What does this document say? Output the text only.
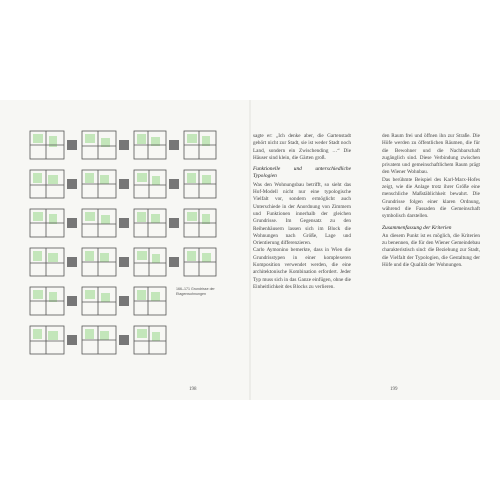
sagte er: „Ich denke aber, die Gartenstadt gehört nicht zur Stadt, sie ist weder Stadt noch Land, sondern ein Zwischending …“ Die Häuser sind klein, die Gärten groß.

Funktionelle und unterschiedliche Typologien

Was den Wohnungsbau betrifft, so sieht das Hof-Modell nicht nur eine typologische Vielfalt vor, sondern ermöglicht auch Unterschiede in der Anordnung von Zimmern und Funktionen innerhalb der gleichen Grundrisse. Im Gegensatz zu den Reihenhäusern lassen sich im Block die Wohnungen nach Größe, Lage und Orientierung differenzieren.

Carlo Aymonino bemerkte, dass in Wien die Grundrisstypen in einer komplexeren Komposition verwendet werden, die eine architektonische Kombination erfordert. Jeder Typ muss sich in das Ganze einfügen, ohne die Einheitlichkeit des Blocks zu verlieren.

den Raum frei und öffnen ihn zur Straße. Die Höfe werden zu öffentlichen Räumen, die für die Bewohner und die Nachbarschaft zugänglich sind. Diese Verbindung zwischen privatem und gemeinschaftlichem Raum prägt den Wiener Wohnbau.

Das berühmte Beispiel des Karl-Marx-Hofes zeigt, wie die Anlage trotz ihrer Größe eine menschliche Maßstäblichkeit bewahrt. Die Grundrisse folgen einer klaren Ordnung, während die Fassaden die Gemeinschaft symbolisch darstellen.

Zusammenfassung der Kriterien

An diesem Punkt ist es möglich, die Kriterien zu benennen, die für den Wiener Gemeindebau charakteristisch sind: die Beziehung zur Stadt, die Vielfalt der Typologien, die Gestaltung der Höfe und die Qualität der Wohnungen.

166–171 Grundrisse der Etagenwohnungen

198	199
